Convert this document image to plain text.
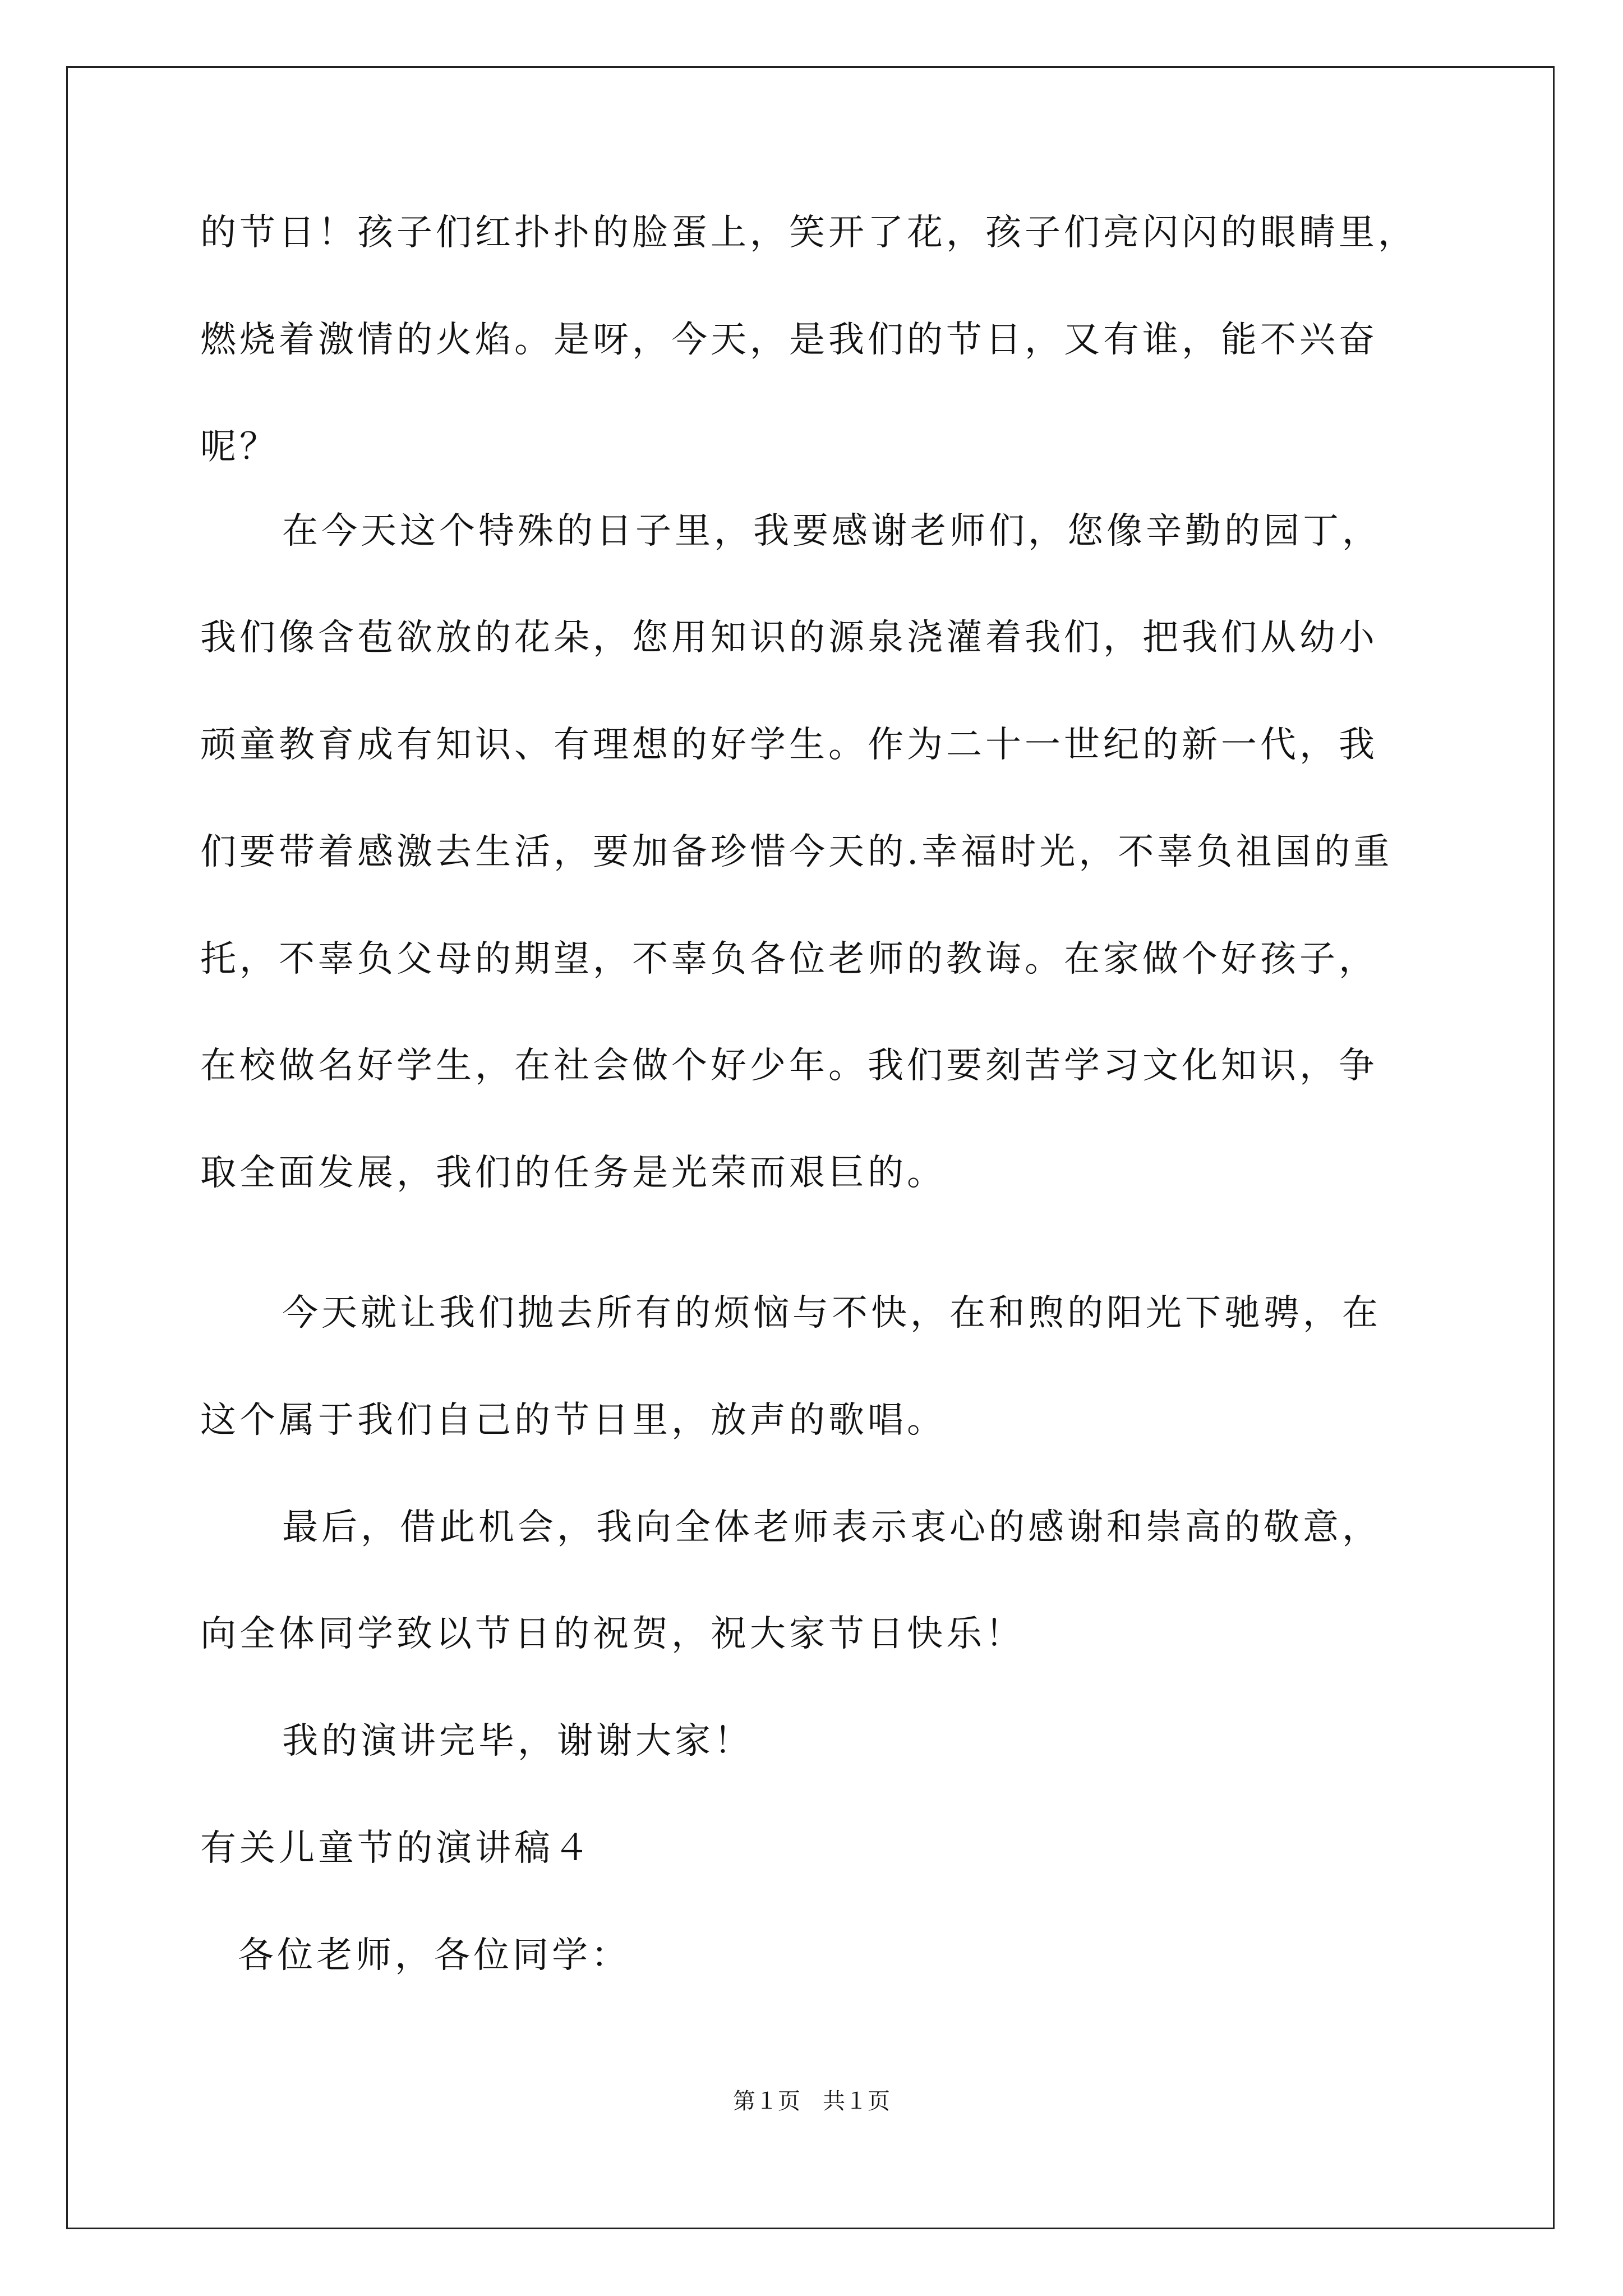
的节日！孩子们红扑扑的脸蛋上，笑开了花，孩子们亮闪闪的眼睛里，
燃烧着激情的火焰。是呀，今天，是我们的节日，又有谁，能不兴奋
呢？
在今天这个特殊的日子里，我要感谢老师们，您像辛勤的园丁，
我们像含苞欲放的花朵，您用知识的源泉浇灌着我们，把我们从幼小
顽童教育成有知识、有理想的好学生。作为二十一世纪的新一代，我
们要带着感激去生活，要加备珍惜今天的.幸福时光，不辜负祖国的重
托，不辜负父母的期望，不辜负各位老师的教诲。在家做个好孩子，
在校做名好学生，在社会做个好少年。我们要刻苦学习文化知识，争
取全面发展，我们的任务是光荣而艰巨的。
今天就让我们抛去所有的烦恼与不快，在和煦的阳光下驰骋，在
这个属于我们自己的节日里，放声的歌唱。
最后，借此机会，我向全体老师表示衷心的感谢和崇高的敬意，
向全体同学致以节日的祝贺，祝大家节日快乐！
我的演讲完毕，谢谢大家！
有关儿童节的演讲稿４
各位老师，各位同学：
第１页　共１页
